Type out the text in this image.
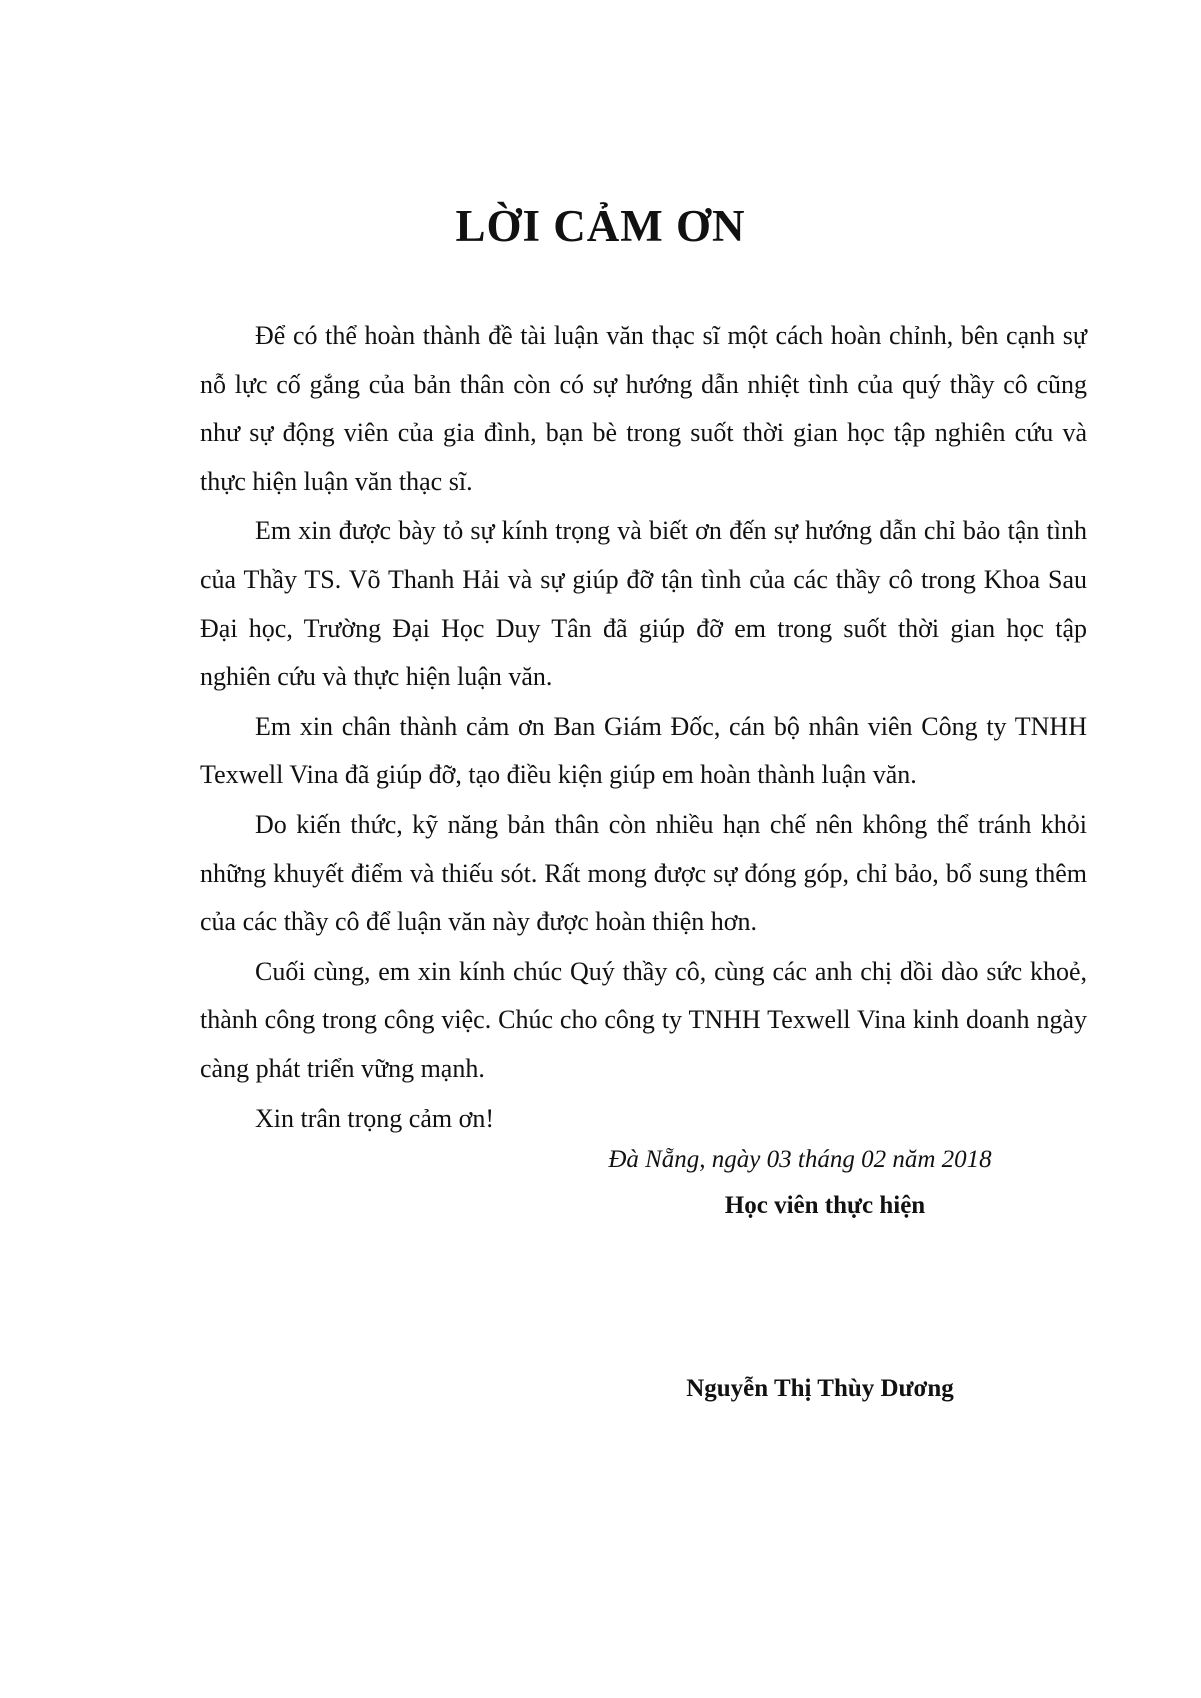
LỜI CẢM ƠN

Để có thể hoàn thành đề tài luận văn thạc sĩ một cách hoàn chỉnh, bên cạnh sự nỗ lực cố gắng của bản thân còn có sự hướng dẫn nhiệt tình của quý thầy cô cũng như sự động viên của gia đình, bạn bè trong suốt thời gian học tập nghiên cứu và thực hiện luận văn thạc sĩ.

Em xin được bày tỏ sự kính trọng và biết ơn đến sự hướng dẫn chỉ bảo tận tình của Thầy TS. Võ Thanh Hải và sự giúp đỡ tận tình của các thầy cô trong Khoa Sau Đại học, Trường Đại Học Duy Tân đã giúp đỡ em trong suốt thời gian học tập nghiên cứu và thực hiện luận văn.

Em xin chân thành cảm ơn Ban Giám Đốc, cán bộ nhân viên Công ty TNHH Texwell Vina đã giúp đỡ, tạo điều kiện giúp em hoàn thành luận văn.

Do kiến thức, kỹ năng bản thân còn nhiều hạn chế nên không thể tránh khỏi những khuyết điểm và thiếu sót. Rất mong được sự đóng góp, chỉ bảo, bổ sung thêm của các thầy cô để luận văn này được hoàn thiện hơn.

Cuối cùng, em xin kính chúc Quý thầy cô, cùng các anh chị dồi dào sức khoẻ, thành công trong công việc. Chúc cho công ty TNHH Texwell Vina kinh doanh ngày càng phát triển vững mạnh.

Xin trân trọng cảm ơn!

Đà Nẵng, ngày 03 tháng 02 năm 2018
Học viên thực hiện
Nguyễn Thị Thùy Dương
